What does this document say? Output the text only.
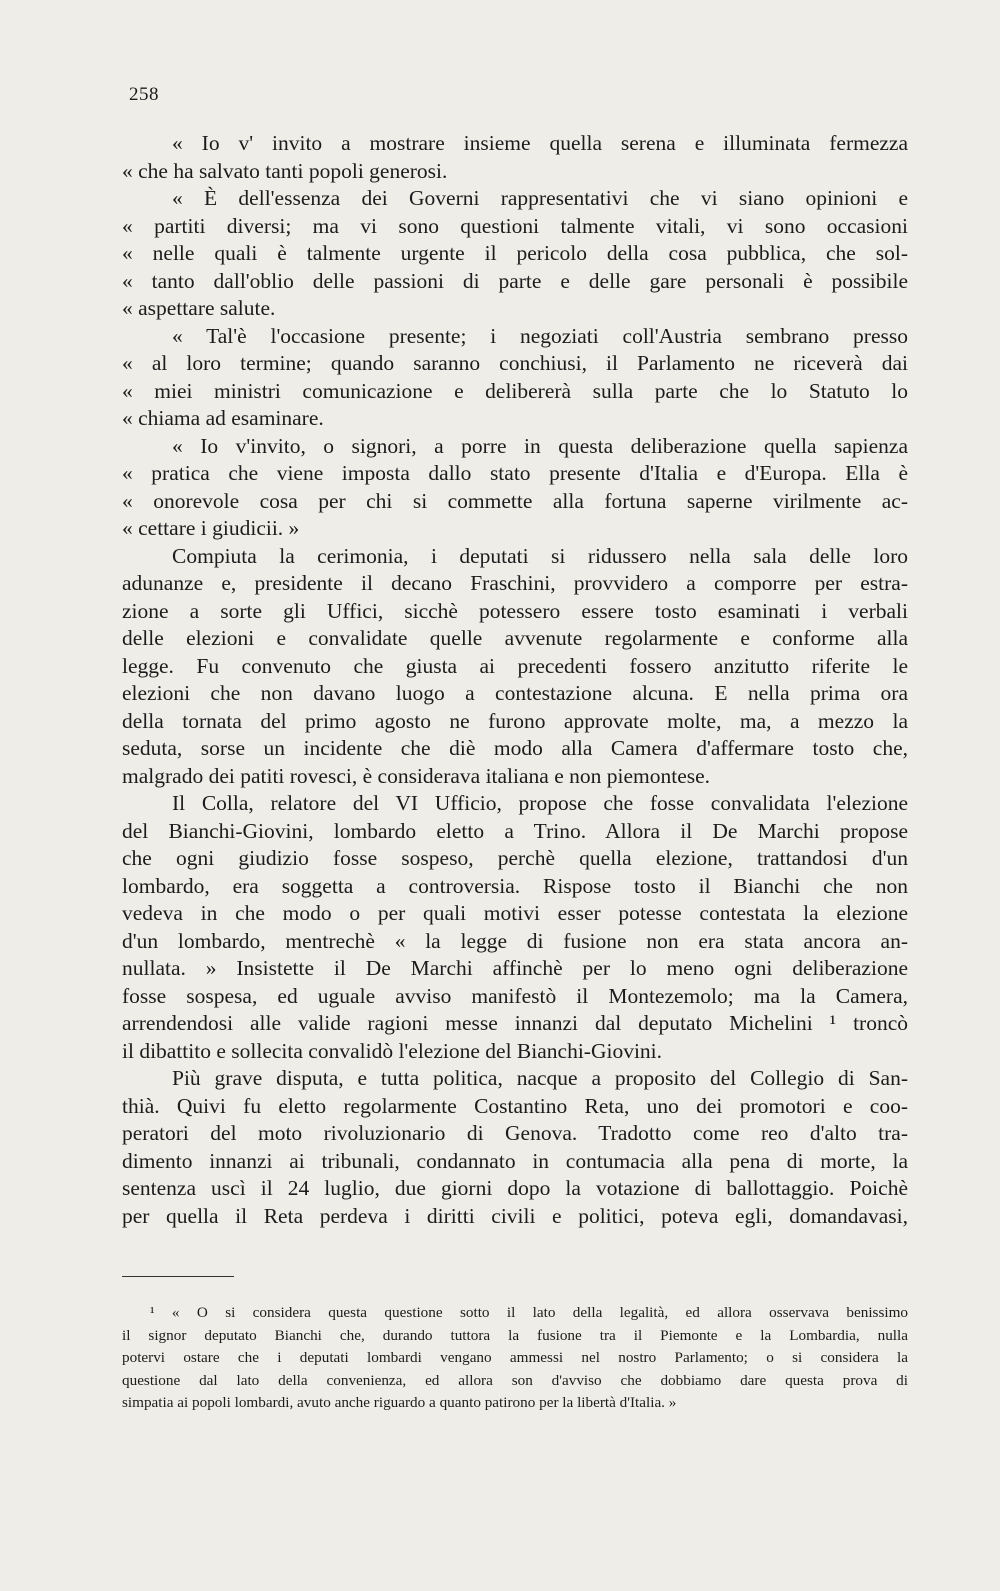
258
« Io v' invito a mostrare insieme quella serena e illuminata fermezza
« che ha salvato tanti popoli generosi.
« È dell'essenza dei Governi rappresentativi che vi siano opinioni e
« partiti diversi; ma vi sono questioni talmente vitali, vi sono occasioni
« nelle quali è talmente urgente il pericolo della cosa pubblica, che sol-
« tanto dall'oblio delle passioni di parte e delle gare personali è possibile
« aspettare salute.
« Tal'è l'occasione presente; i negoziati coll'Austria sembrano presso
« al loro termine; quando saranno conchiusi, il Parlamento ne riceverà dai
« miei ministri comunicazione e delibererà sulla parte che lo Statuto lo
« chiama ad esaminare.
« Io v'invito, o signori, a porre in questa deliberazione quella sapienza
« pratica che viene imposta dallo stato presente d'Italia e d'Europa. Ella è
« onorevole cosa per chi si commette alla fortuna saperne virilmente ac-
« cettare i giudicii. »
Compiuta la cerimonia, i deputati si ridussero nella sala delle loro
adunanze e, presidente il decano Fraschini, provvidero a comporre per estra-
zione a sorte gli Uffici, sicchè potessero essere tosto esaminati i verbali
delle elezioni e convalidate quelle avvenute regolarmente e conforme alla
legge. Fu convenuto che giusta ai precedenti fossero anzitutto riferite le
elezioni che non davano luogo a contestazione alcuna. E nella prima ora
della tornata del primo agosto ne furono approvate molte, ma, a mezzo la
seduta, sorse un incidente che diè modo alla Camera d'affermare tosto che,
malgrado dei patiti rovesci, è considerava italiana e non piemontese.
Il Colla, relatore del VI Ufficio, propose che fosse convalidata l'elezione
del Bianchi-Giovini, lombardo eletto a Trino. Allora il De Marchi propose
che ogni giudizio fosse sospeso, perchè quella elezione, trattandosi d'un
lombardo, era soggetta a controversia. Rispose tosto il Bianchi che non
vedeva in che modo o per quali motivi esser potesse contestata la elezione
d'un lombardo, mentrechè « la legge di fusione non era stata ancora an-
nullata. » Insistette il De Marchi affinchè per lo meno ogni deliberazione
fosse sospesa, ed uguale avviso manifestò il Montezemolo; ma la Camera,
arrendendosi alle valide ragioni messe innanzi dal deputato Michelini ¹ troncò
il dibattito e sollecita convalidò l'elezione del Bianchi-Giovini.
Più grave disputa, e tutta politica, nacque a proposito del Collegio di San-
thià. Quivi fu eletto regolarmente Costantino Reta, uno dei promotori e coo-
peratori del moto rivoluzionario di Genova. Tradotto come reo d'alto tra-
dimento innanzi ai tribunali, condannato in contumacia alla pena di morte, la
sentenza uscì il 24 luglio, due giorni dopo la votazione di ballottaggio. Poichè
per quella il Reta perdeva i diritti civili e politici, poteva egli, domandavasi,
¹ « O si considera questa questione sotto il lato della legalità, ed allora osservava benissimo
il signor deputato Bianchi che, durando tuttora la fusione tra il Piemonte e la Lombardia, nulla
potervi ostare che i deputati lombardi vengano ammessi nel nostro Parlamento; o si considera la
questione dal lato della convenienza, ed allora son d'avviso che dobbiamo dare questa prova di
simpatia ai popoli lombardi, avuto anche riguardo a quanto patirono per la libertà d'Italia. »
